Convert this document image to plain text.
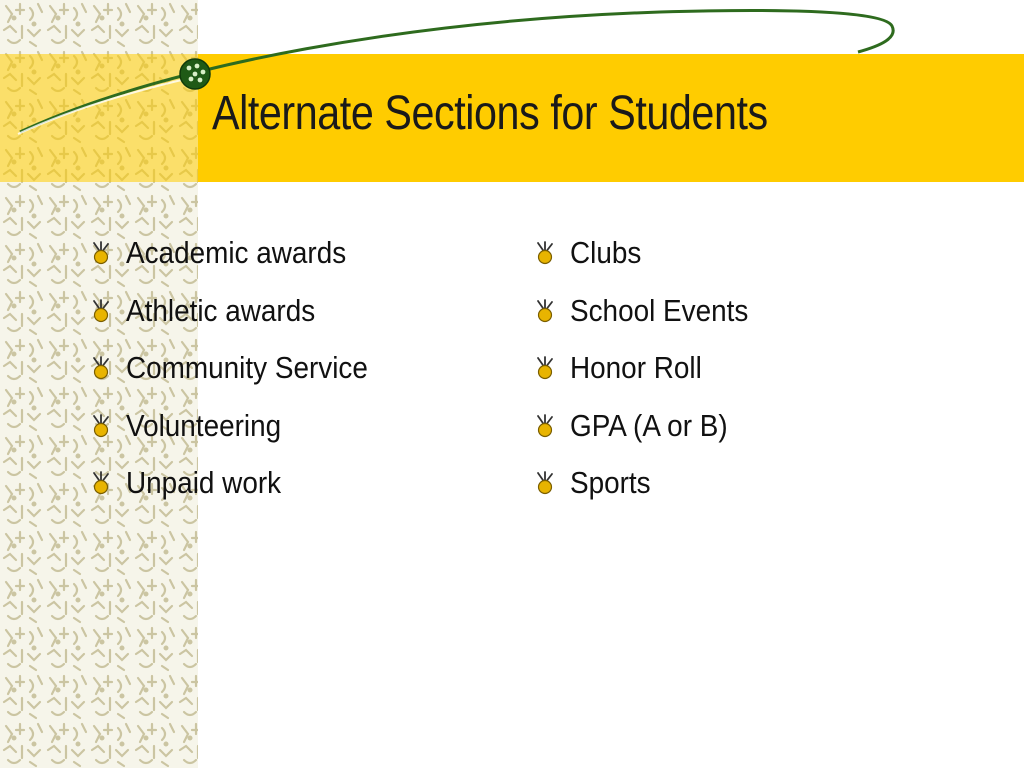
Alternate Sections for Students
Academic awards
Athletic awards
Community Service
Volunteering
Unpaid work
Clubs
School Events
Honor Roll
GPA (A or B)
Sports
